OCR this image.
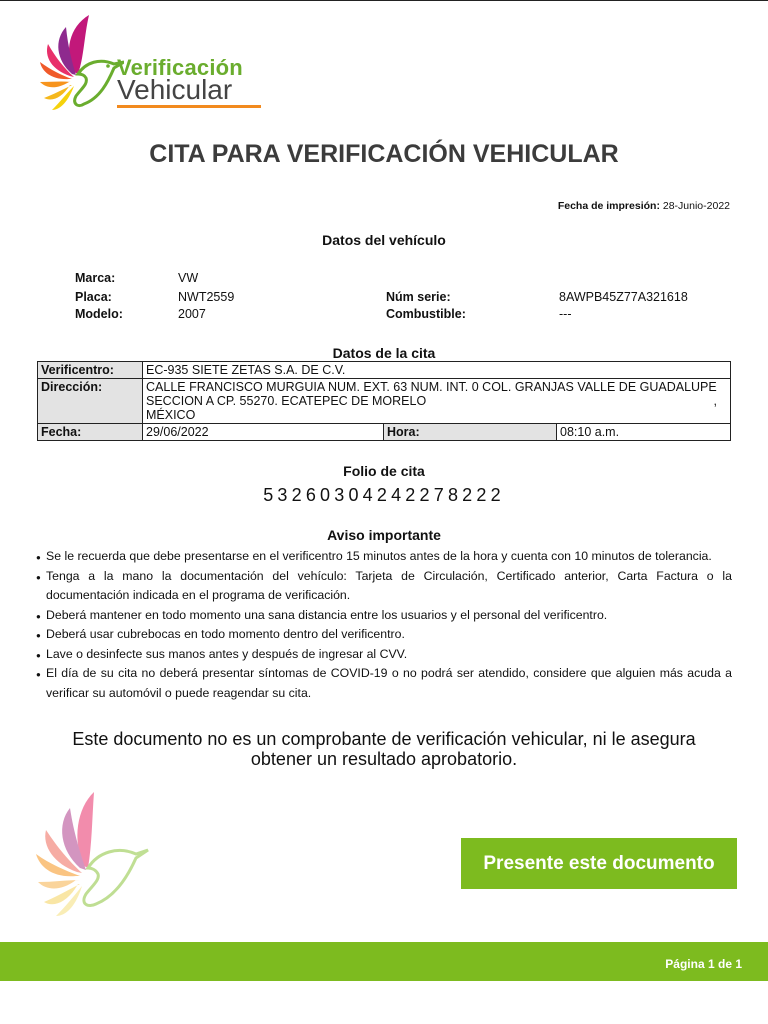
Verificación
Vehicular
CITA PARA VERIFICACIÓN VEHICULAR
Fecha de impresión: 28-Junio-2022
Datos del vehículo
Marca:	VW
Placa:	NWT2559	Núm serie:	8AWPB45Z77A321618
Modelo:	2007	Combustible:	---
Datos de la cita
Verificentro:	EC-935 SIETE ZETAS S.A. DE C.V.		
Dirección:	CALLE FRANCISCO MURGUIA NUM. EXT. 63 NUM. INT. 0 COL. GRANJAS VALLE DE GUADALUPE
SECCION A CP. 55270. ECATEPEC DE MORELO ,
MÉXICO		

Fecha:	29/06/2022	Hora:	08:10 a.m.
Folio de cita
53260304242278222
Aviso importante
● Se le recuerda que debe presentarse en el verificentro 15 minutos antes de la hora y cuenta con 10 minutos de tolerancia.
● Tenga a la mano la documentación del vehículo: Tarjeta de Circulación, Certificado anterior, Carta Factura o la documentación indicada en el programa de verificación.
● Deberá mantener en todo momento una sana distancia entre los usuarios y el personal del verificentro.
● Deberá usar cubrebocas en todo momento dentro del verificentro.
● Lave o desinfecte sus manos antes y después de ingresar al CVV.
● El día de su cita no deberá presentar síntomas de COVID-19 o no podrá ser atendido, considere que alguien más acuda a verificar su automóvil o puede reagendar su cita.
Este documento no es un comprobante de verificación vehicular, ni le asegura
obtener un resultado aprobatorio.
Presente este documento
Página 1 de 1
